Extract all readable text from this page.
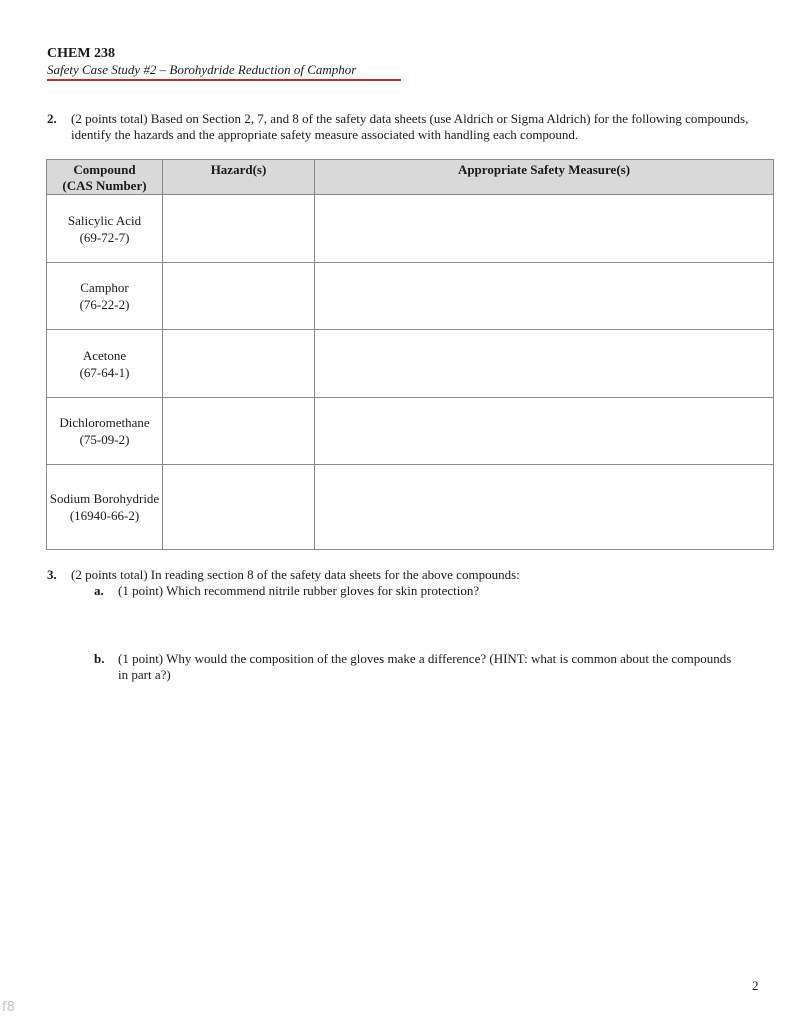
CHEM 238
Safety Case Study #2 – Borohydride Reduction of Camphor
2. (2 points total) Based on Section 2, 7, and 8 of the safety data sheets (use Aldrich or Sigma Aldrich) for the following compounds, identify the hazards and the appropriate safety measure associated with handling each compound.
Compound
(CAS Number)	Hazard(s)	Appropriate Safety Measure(s)

Salicylic Acid
(69-72-7)		

Camphor
(76-22-2)		

Acetone
(67-64-1)		

Dichloromethane
(75-09-2)		

Sodium Borohydride
(16940-66-2)		

3. (2 points total) In reading section 8 of the safety data sheets for the above compounds:
a. (1 point) Which recommend nitrile rubber gloves for skin protection?
b. (1 point) Why would the composition of the gloves make a difference? (HINT: what is common about the compounds in part a?)
2
f8
